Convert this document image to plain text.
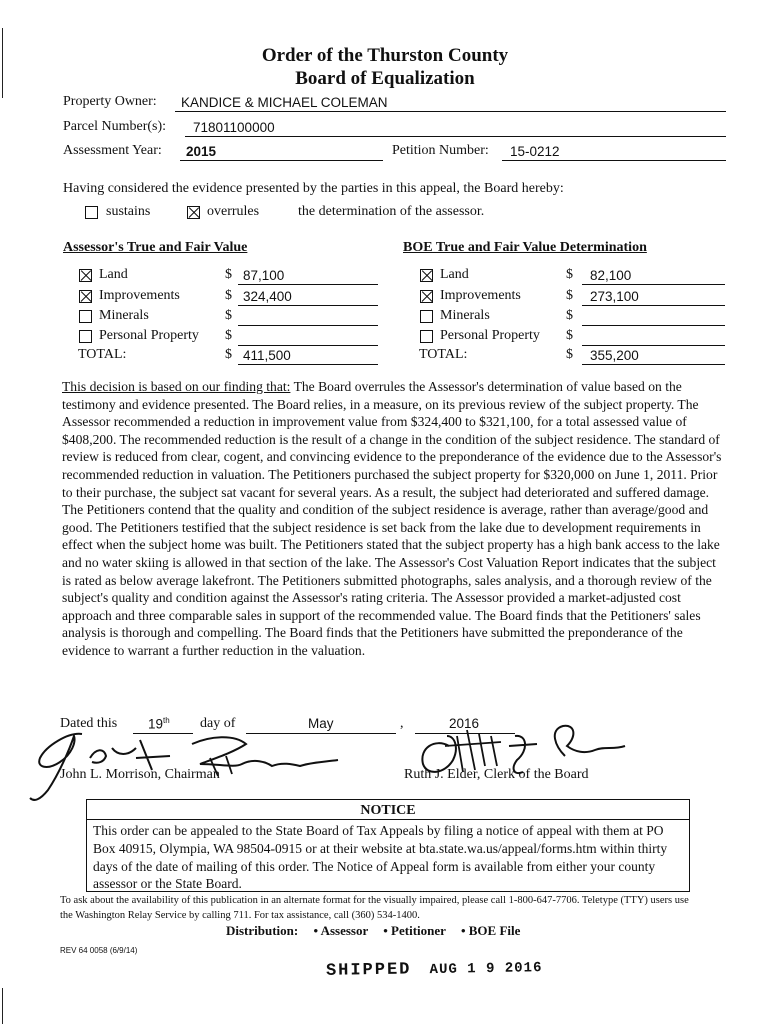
Order of the Thurston County
Board of Equalization
Property Owner: KANDICE & MICHAEL COLEMAN
Parcel Number(s): 71801100000
Assessment Year: 2015	Petition Number: 15-0212
Having considered the evidence presented by the parties in this appeal, the Board hereby:
sustains	overrules	the determination of the assessor.
Assessor's True and Fair Value
Land	$ 87,100
Improvements	$ 324,400
Minerals	$
Personal Property $
TOTAL:	$ 411,500
BOE True and Fair Value Determination
Land	$ 82,100
Improvements	$ 273,100
Minerals	$
Personal Property $
TOTAL:	$ 355,200
This decision is based on our finding that: The Board overrules the Assessor's determination of value based on the testimony and evidence presented. The Board relies, in a measure, on its previous review of the subject property. The Assessor recommended a reduction in improvement value from $324,400 to $321,100, for a total assessed value of $408,200. The recommended reduction is the result of a change in the condition of the subject residence. The standard of review is reduced from clear, cogent, and convincing evidence to the preponderance of the evidence due to the Assessor's recommended reduction in valuation. The Petitioners purchased the subject property for $320,000 on June 1, 2011. Prior to their purchase, the subject sat vacant for several years. As a result, the subject had deteriorated and suffered damage. The Petitioners contend that the quality and condition of the subject residence is average, rather than average/good and good. The Petitioners testified that the subject residence is set back from the lake due to development requirements in effect when the subject home was built. The Petitioners stated that the subject property has a high bank access to the lake and no water skiing is allowed in that section of the lake. The Assessor's Cost Valuation Report indicates that the subject is rated as below average lakefront. The Petitioners submitted photographs, sales analysis, and a thorough review of the subject's quality and condition against the Assessor's rating criteria. The Assessor provided a market-adjusted cost approach and three comparable sales in support of the recommended value. The Board finds that the Petitioners' sales analysis is thorough and compelling. The Board finds that the Petitioners have submitted the preponderance of the evidence to warrant a further reduction in the valuation.
Dated this 19th day of	May	,	2016
John L. Morrison, Chairman	Ruth J. Elder, Clerk of the Board
NOTICE
This order can be appealed to the State Board of Tax Appeals by filing a notice of appeal with them at PO Box 40915, Olympia, WA 98504-0915 or at their website at bta.state.wa.us/appeal/forms.htm within thirty days of the date of mailing of this order. The Notice of Appeal form is available from either your county assessor or the State Board.
To ask about the availability of this publication in an alternate format for the visually impaired, please call 1-800-647-7706. Teletype (TTY) users use the Washington Relay Service by calling 711. For tax assistance, call (360) 534-1400.
Distribution: • Assessor • Petitioner • BOE File
REV 64 0058 (6/9/14)
SHIPPED AUG 1 9 2016
